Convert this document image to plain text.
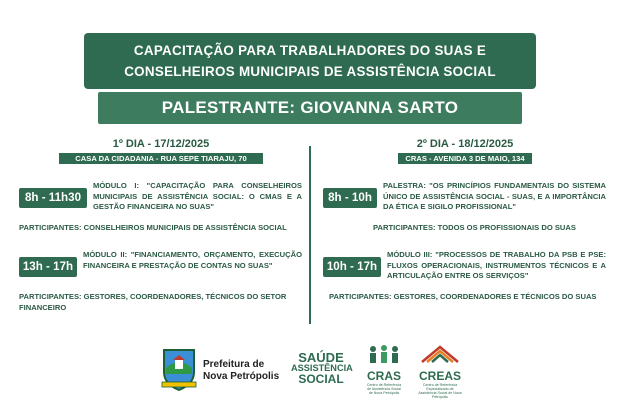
CAPACITAÇÃO PARA TRABALHADORES DO SUAS E
CONSELHEIROS MUNICIPAIS DE ASSISTÊNCIA SOCIAL
PALESTRANTE: GIOVANNA SARTO
1º DIA - 17/12/2025
CASA DA CIDADANIA - RUA SEPE TIARAJU, 70
8h - 11h30
MÓDULO I: "CAPACITAÇÃO PARA CONSELHEIROS MUNICIPAIS DE ASSISTÊNCIA SOCIAL: O CMAS E A GESTÃO FINANCEIRA NO SUAS"
PARTICIPANTES: CONSELHEIROS MUNICIPAIS DE ASSISTÊNCIA SOCIAL
13h - 17h
MÓDULO II: "FINANCIAMENTO, ORÇAMENTO, EXECUÇÃO FINANCEIRA E PRESTAÇÃO DE CONTAS NO SUAS"
PARTICIPANTES: GESTORES, COORDENADORES, TÉCNICOS DO SETOR FINANCEIRO
2º DIA - 18/12/2025
CRAS - AVENIDA 3 DE MAIO, 134
8h - 10h
PALESTRA: "OS PRINCÍPIOS FUNDAMENTAIS DO SISTEMA ÚNICO DE ASSISTÊNCIA SOCIAL - SUAS, E A IMPORTÂNCIA DA ÉTICA E SIGILO PROFISSIONAL"
PARTICIPANTES: TODOS OS PROFISSIONAIS DO SUAS
10h - 17h
MÓDULO III: "PROCESSOS DE TRABALHO DA PSB E PSE: FLUXOS OPERACIONAIS, INSTRUMENTOS TÉCNICOS E A ARTICULAÇÃO ENTRE OS SERVIÇOS"
PARTICIPANTES: GESTORES, COORDENADORES E TÉCNICOS DO SUAS
Prefeitura de
Nova Petrópolis
SAÚDE
ASSISTÊNCIA
SOCIAL	CRAS
Centro de Referência de Assistência Social de Nova Petrópolis
CREAS
Centro de Referência Especializado de Assistência Social de Nova Petrópolis
